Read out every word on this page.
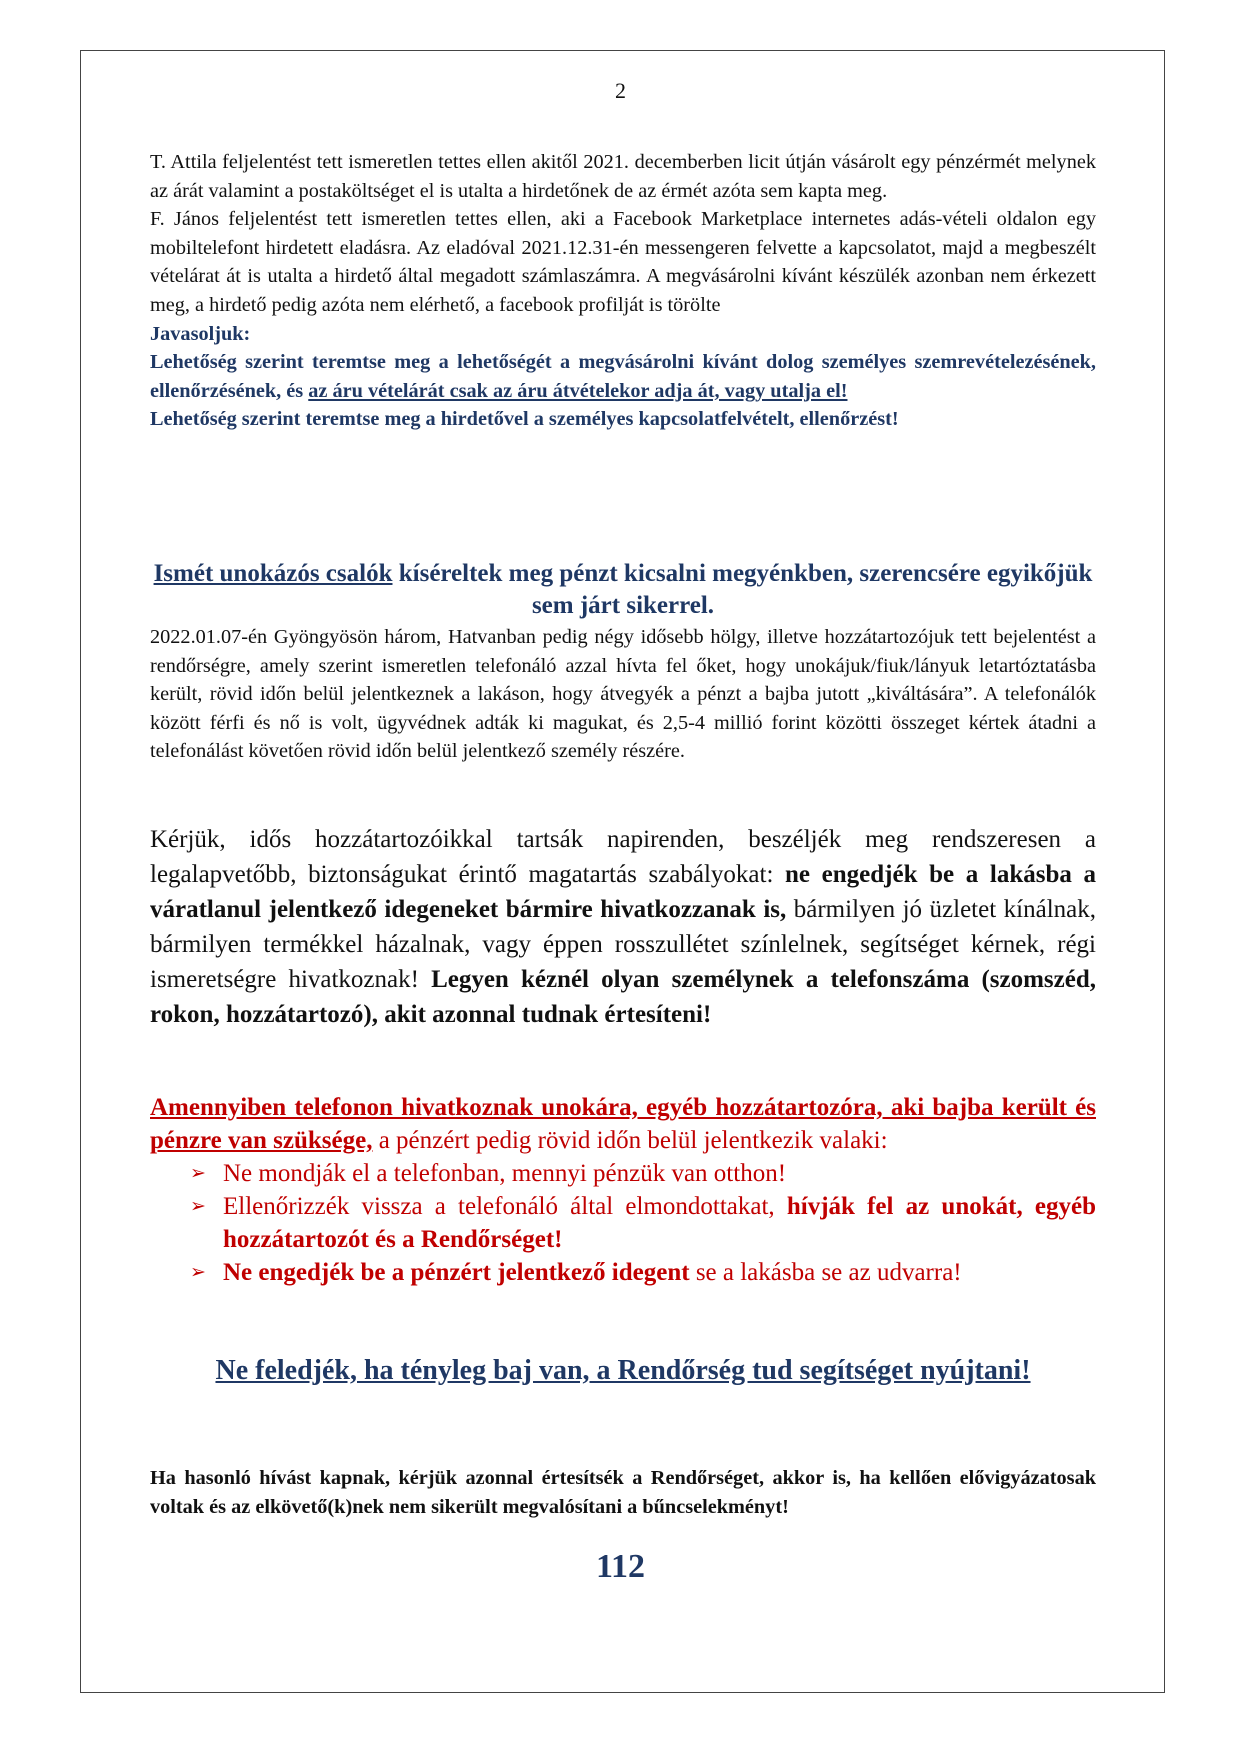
2

T. Attila feljelentést tett ismeretlen tettes ellen akitől 2021. decemberben licit útján vásárolt egy pénzérmét melynek az árát valamint a postaköltséget el is utalta a hirdetőnek de az érmét azóta sem kapta meg.

F. János feljelentést tett ismeretlen tettes ellen, aki a Facebook Marketplace internetes adás-vételi oldalon egy mobiltelefont hirdetett eladásra. Az eladóval 2021.12.31-én messengeren felvette a kapcsolatot, majd a megbeszélt vételárat át is utalta a hirdető által megadott számlaszámra. A megvásárolni kívánt készülék azonban nem érkezett meg, a hirdető pedig azóta nem elérhető, a facebook profilját is törölte

Javasoljuk:

Lehetőség szerint teremtse meg a lehetőségét a megvásárolni kívánt dolog személyes szemrevételezésének, ellenőrzésének, és az áru vételárát csak az áru átvételekor adja át, vagy utalja el!

Lehetőség szerint teremtse meg a hirdetővel a személyes kapcsolatfelvételt, ellenőrzést!

Ismét unokázós csalók kíséreltek meg pénzt kicsalni megyénkben, szerencsére egyikőjük sem járt sikerrel.
2022.01.07-én Gyöngyösön három, Hatvanban pedig négy idősebb hölgy, illetve hozzátartozójuk tett bejelentést a rendőrségre, amely szerint ismeretlen telefonáló azzal hívta fel őket, hogy unokájuk/fiuk/lányuk letartóztatásba került, rövid időn belül jelentkeznek a lakáson, hogy átvegyék a pénzt a bajba jutott „kiváltására”. A telefonálók között férfi és nő is volt, ügyvédnek adták ki magukat, és 2,5-4 millió forint közötti összeget kértek átadni a telefonálást követően rövid időn belül jelentkező személy részére.
Kérjük, idős hozzátartozóikkal tartsák napirenden, beszéljék meg rendszeresen a legalapvetőbb, biztonságukat érintő magatartás szabályokat: ne engedjék be a lakásba a váratlanul jelentkező idegeneket bármire hivatkozzanak is, bármilyen jó üzletet kínálnak, bármilyen termékkel házalnak, vagy éppen rosszullétet színlelnek, segítséget kérnek, régi ismeretségre hivatkoznak! Legyen kéznél olyan személynek a telefonszáma (szomszéd, rokon, hozzátartozó), akit azonnal tudnak értesíteni!

Amennyiben telefonon hivatkoznak unokára, egyéb hozzátartozóra, aki bajba került és pénzre van szüksége, a pénzért pedig rövid időn belül jelentkezik valaki:

➢ Ne mondják el a telefonban, mennyi pénzük van otthon!
➢ Ellenőrizzék vissza a telefonáló által elmondottakat, hívják fel az unokát, egyéb hozzátartozót és a Rendőrséget!
➢ Ne engedjék be a pénzért jelentkező idegent se a lakásba se az udvarra!
Ne feledjék, ha tényleg baj van, a Rendőrség tud segítséget nyújtani!
Ha hasonló hívást kapnak, kérjük azonnal értesítsék a Rendőrséget, akkor is, ha kellően elővigyázatosak voltak és az elkövető(k)nek nem sikerült megvalósítani a bűncselekményt!
112
